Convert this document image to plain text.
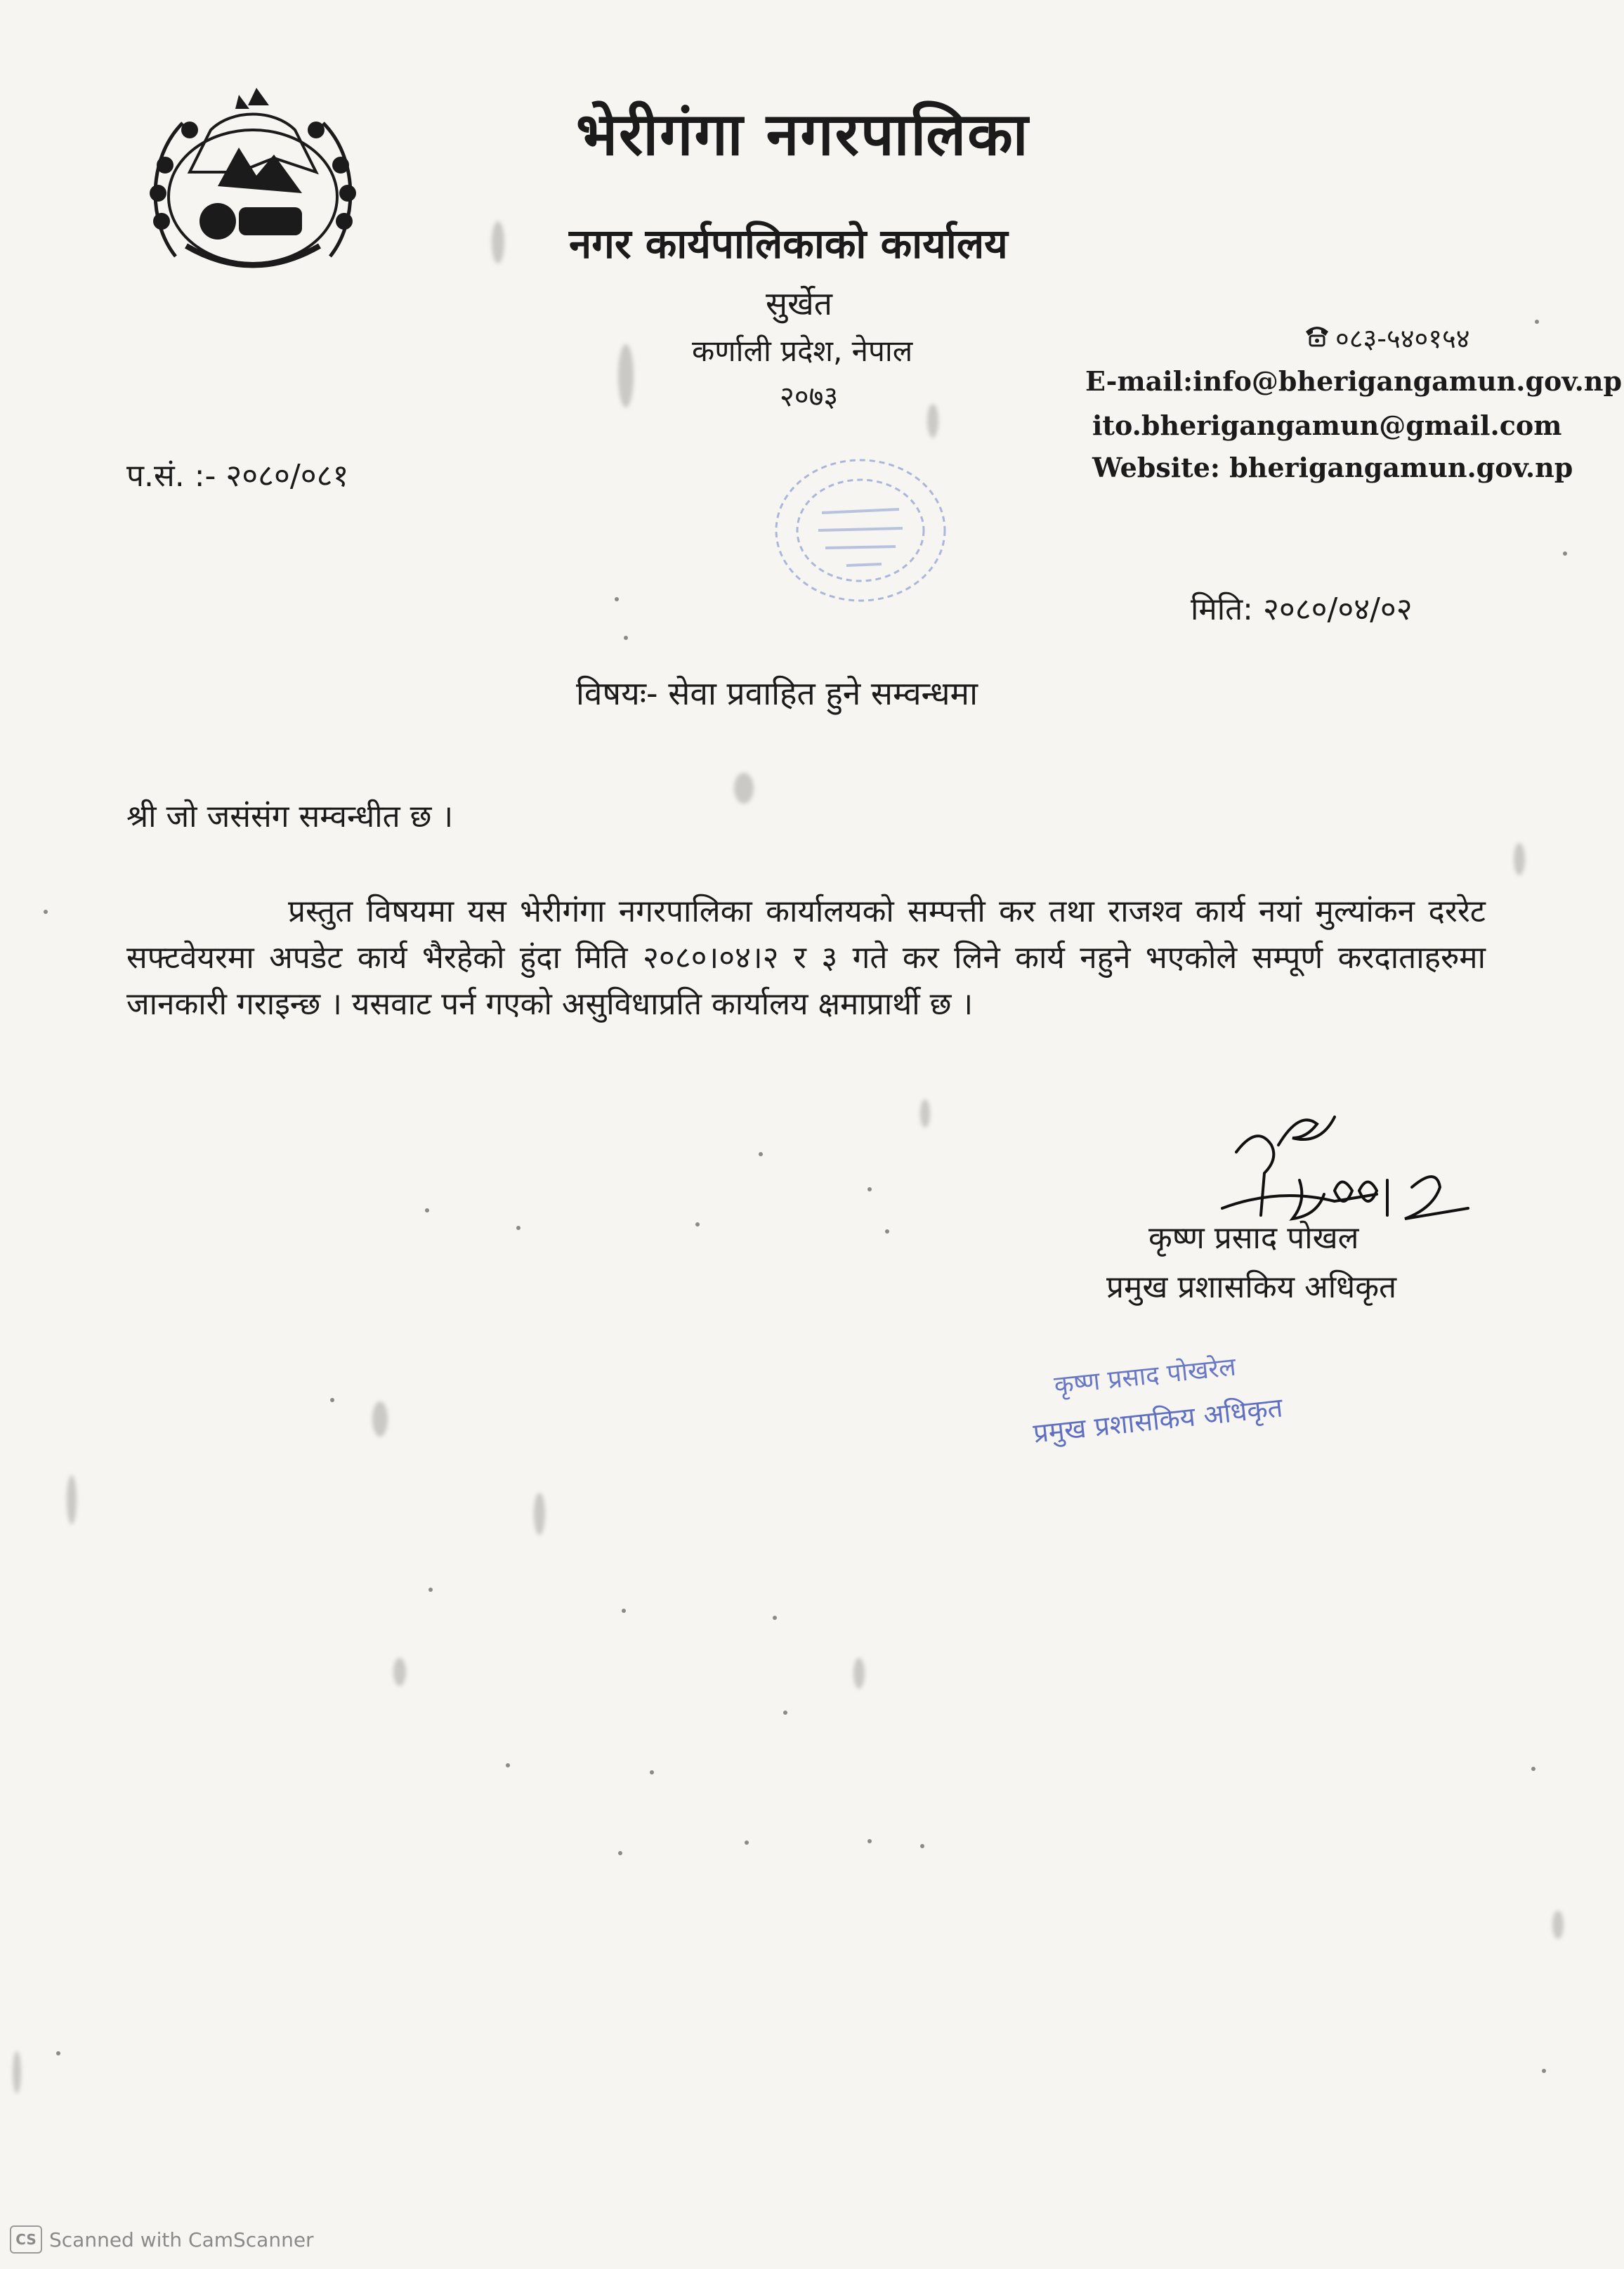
भेरीगंगा नगरपालिका
नगर कार्यपालिकाको कार्यालय
सुर्खेत
कर्णाली प्रदेश, नेपाल
२०७३
०८३-५४०१५४
E-mail:info@bherigangamun.gov.np
ito.bherigangamun@gmail.com
Website: bherigangamun.gov.np
प.सं. :- २०८०/०८१
मिति: २०८०/०४/०२
विषयः- सेवा प्रवाहित हुने सम्वन्धमा
श्री जो जसंसंग सम्वन्धीत छ ।
प्रस्तुत विषयमा यस भेरीगंगा नगरपालिका कार्यालयको सम्पत्ती कर तथा राजश्व कार्य नयां मुल्यांकन दररेट सफ्टवेयरमा अपडेट कार्य भैरहेको हुंदा मिति २०८०।०४।२ र ३ गते कर लिने कार्य नहुने भएकोले सम्पूर्ण करदाताहरुमा जानकारी गराइन्छ । यसवाट पर्न गएको असुविधाप्रति कार्यालय क्षमाप्रार्थी छ ।
कृष्ण प्रसाद पोखल
प्रमुख प्रशासकिय अधिकृत
कृष्ण प्रसाद पोखरेल
प्रमुख प्रशासकिय अधिकृत
CS Scanned with CamScanner
